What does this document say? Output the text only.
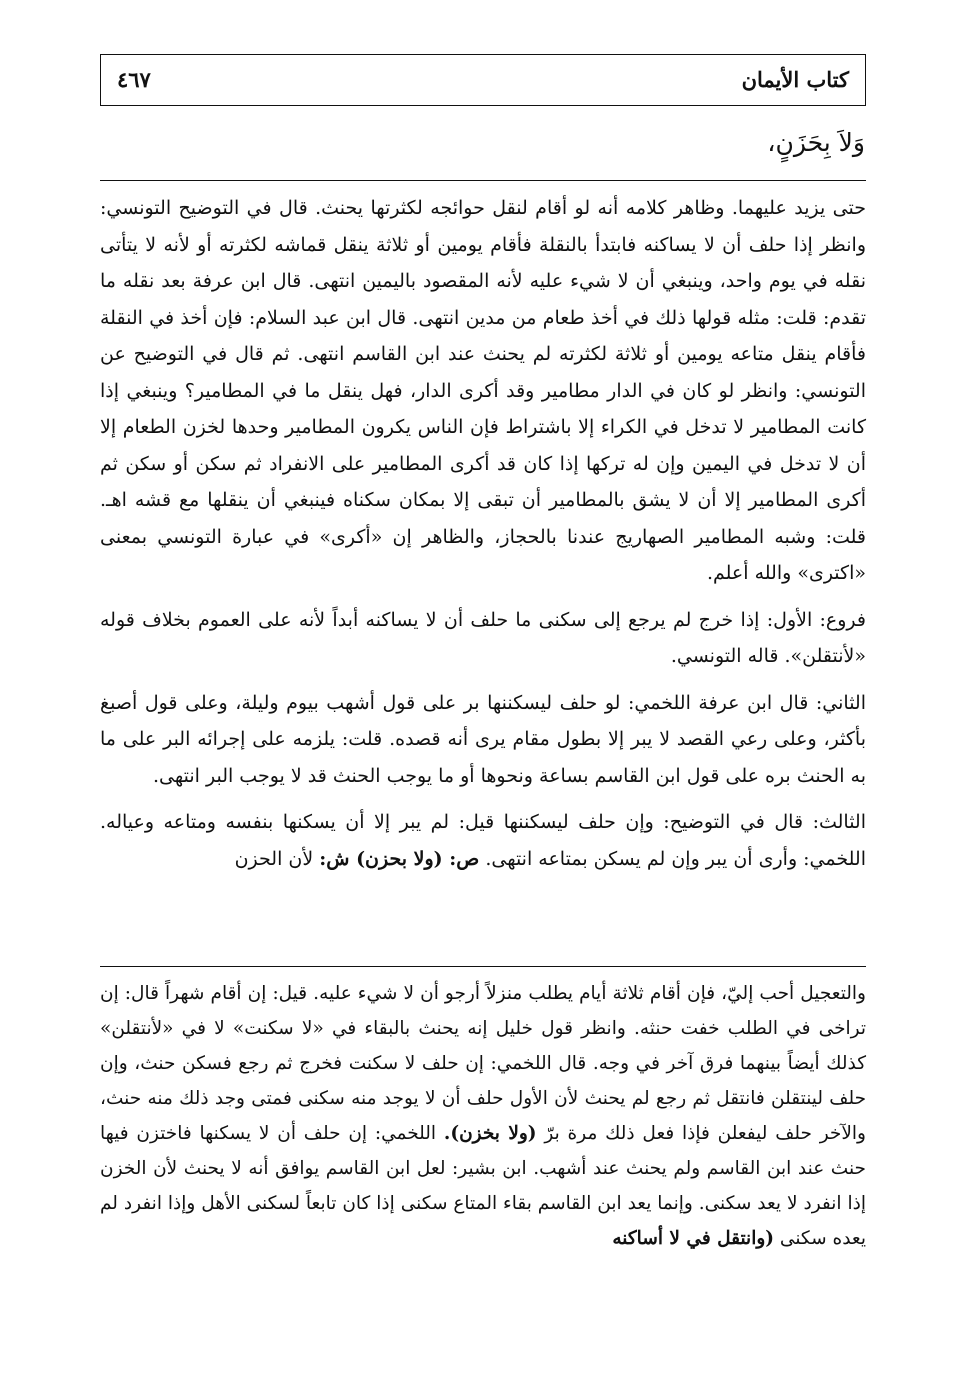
كتاب الأيمان
٤٦٧
وَلاَ بِحَزَنٍ،

حتى يزيد عليهما. وظاهر كلامه أنه لو أقام لنقل حوائجه لكثرتها يحنث. قال في التوضيح التونسي: وانظر إذا حلف أن لا يساكنه فابتدأ بالنقلة فأقام يومين أو ثلاثة ينقل قماشه لكثرته أو لأنه لا يتأتى نقله في يوم واحد، وينبغي أن لا شيء عليه لأنه المقصود باليمين انتهى. قال ابن عرفة بعد نقله ما تقدم: قلت: مثله قولها ذلك في أخذ طعام من مدين انتهى. قال ابن عبد السلام: فإن أخذ في النقلة فأقام ينقل متاعه يومين أو ثلاثة لكثرته لم يحنث عند ابن القاسم انتهى. ثم قال في التوضيح عن التونسي: وانظر لو كان في الدار مطامير وقد أكرى الدار، فهل ينقل ما في المطامير؟ وينبغي إذا كانت المطامير لا تدخل في الكراء إلا باشتراط فإن الناس يكرون المطامير وحدها لخزن الطعام إلا أن لا تدخل في اليمين وإن له تركها إذا كان قد أكرى المطامير على الانفراد ثم سكن أو سكن ثم أكرى المطامير إلا أن لا يشق بالمطامير أن تبقى إلا بمكان سكناه فينبغي أن ينقلها مع قشه اهـ. قلت: وشبه المطامير الصهاريج عندنا بالحجاز، والظاهر إن «أكرى» في عبارة التونسي بمعنى «اكترى» والله أعلم.

فروع: الأول: إذا خرج لم يرجع إلى سكنى ما حلف أن لا يساكنه أبداً لأنه على العموم بخلاف قوله «لأنتقلن». قاله التونسي.

الثاني: قال ابن عرفة اللخمي: لو حلف ليسكننها بر على قول أشهب بيوم وليلة، وعلى قول أصبغ بأكثر، وعلى رعي القصد لا يبر إلا بطول مقام يرى أنه قصده. قلت: يلزمه على إجرائه البر على ما به الحنث بره على قول ابن القاسم بساعة ونحوها أو ما يوجب الحنث قد لا يوجب البر انتهى.

الثالث: قال في التوضيح: وإن حلف ليسكننها قيل: لم يبر إلا أن يسكنها بنفسه ومتاعه وعياله. اللخمي: وأرى أن يبر وإن لم يسكن بمتاعه انتهى. ص: (ولا بحزن) ش: لأن الحزن

والتعجيل أحب إليّ، فإن أقام ثلاثة أيام يطلب منزلاً أرجو أن لا شيء عليه. قيل: إن أقام شهراً قال: إن تراخى في الطلب خفت حنثه. وانظر قول خليل إنه يحنث بالبقاء في «لا سكنت» لا في «لأنتقلن» كذلك أيضاً بينهما فرق آخر في وجه. قال اللخمي: إن حلف لا سكنت فخرج ثم رجع فسكن حنث، وإن حلف لينتقلن فانتقل ثم رجع لم يحنث لأن الأول حلف أن لا يوجد منه سكنى فمتى وجد ذلك منه حنث، والآخر حلف ليفعلن فإذا فعل ذلك مرة برّ (ولا بخزن). اللخمي: إن حلف أن لا يسكنها فاختزن فيها حنث عند ابن القاسم ولم يحنث عند أشهب. ابن بشير: لعل ابن القاسم يوافق أنه لا يحنث لأن الخزن إذا انفرد لا يعد سكنى. وإنما يعد ابن القاسم بقاء المتاع سكنى إذا كان تابعاً لسكنى الأهل وإذا انفرد لم يعده سكنى (وانتقل في لا أساكنه
